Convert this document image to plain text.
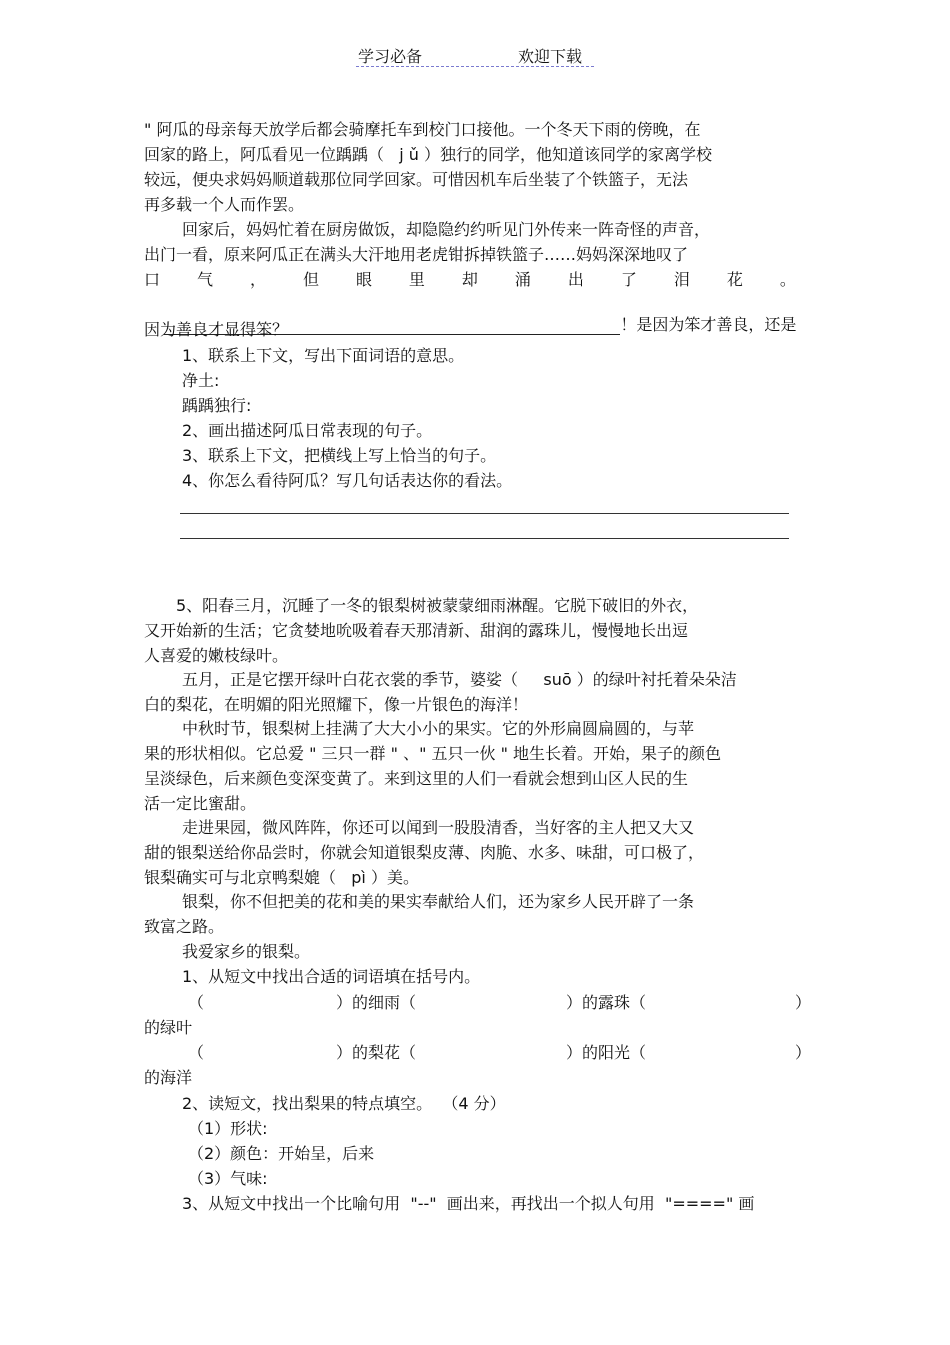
学习必备	欢迎下载
" 阿瓜的母亲每天放学后都会骑摩托车到校门口接他。一个冬天下雨的傍晚，在
回家的路上，阿瓜看见一位踽踽（   j ǔ ）独行的同学，他知道该同学的家离学校
较远，便央求妈妈顺道载那位同学回家。可惜因机车后坐装了个铁篮子，无法
再多载一个人而作罢。
回家后，妈妈忙着在厨房做饭，却隐隐约约听见门外传来一阵奇怪的声音，
出门一看，原来阿瓜正在满头大汗地用老虎钳拆掉铁篮子……妈妈深深地叹了
口 气 ， 但 眼 里 却 涌 出 了 泪 花 。

！是因为笨才善良，还是

因为善良才显得笨？
1、联系上下文，写出下面词语的意思。
净土:
踽踽独行:
2、画出描述阿瓜日常表现的句子。
3、联系上下文，把横线上写上恰当的句子。
4、你怎么看待阿瓜？写几句话表达你的看法。
5、阳春三月，沉睡了一冬的银梨树被蒙蒙细雨淋醒。它脱下破旧的外衣，
又开始新的生活；它贪婪地吮吸着春天那清新、甜润的露珠儿，慢慢地长出逗
人喜爱的嫩枝绿叶。
五月，正是它摆开绿叶白花衣裳的季节，婆娑（     suō ）的绿叶衬托着朵朵洁
白的梨花，在明媚的阳光照耀下，像一片银色的海洋！
中秋时节，银梨树上挂满了大大小小的果实。它的外形扁圆扁圆的，与苹
果的形状相似。它总爱 " 三只一群 " 、" 五只一伙 " 地生长着。开始，果子的颜色
呈淡绿色，后来颜色变深变黄了。来到这里的人们一看就会想到山区人民的生
活一定比蜜甜。
走进果园，微风阵阵，你还可以闻到一股股清香，当好客的主人把又大又
甜的银梨送给你品尝时，你就会知道银梨皮薄、肉脆、水多、味甜，可口极了，
银梨确实可与北京鸭梨媲（   pì ）美。
银梨，你不但把美的花和美的果实奉献给人们，还为家乡人民开辟了一条
致富之路。
我爱家乡的银梨。
1、从短文中找出合适的词语填在括号内。
（	）的细雨（	）的露珠（	）
的绿叶
（	）的梨花（	）的阳光（	）
的海洋
2、读短文，找出梨果的特点填空。  （4 分）
（1）形状:
（2）颜色：开始呈，后来
（3）气味:
3、从短文中找出一个比喻句用  "--"  画出来，再找出一个拟人句用  "====" 画
